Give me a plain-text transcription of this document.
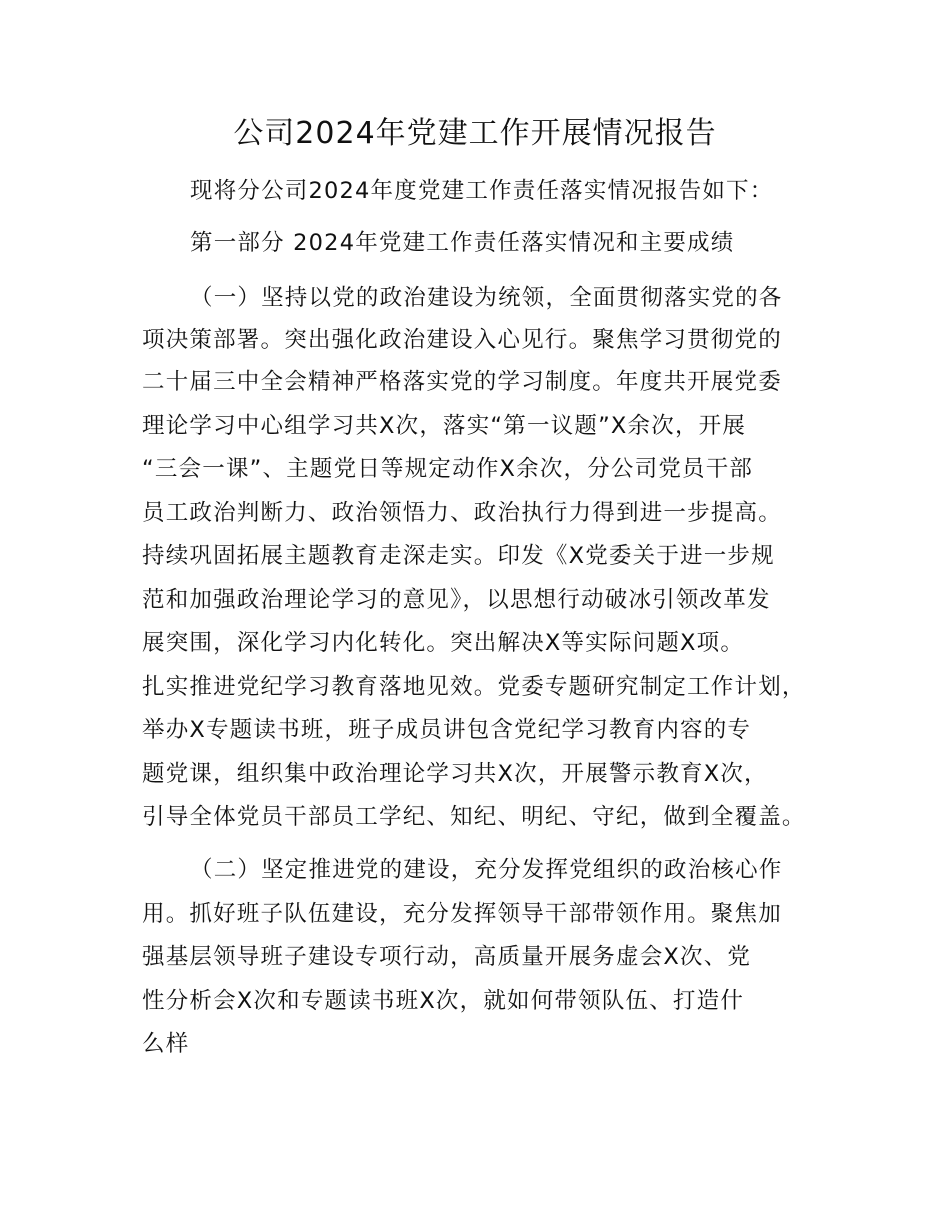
公司2024年党建工作开展情况报告

现将分公司2024年度党建工作责任落实情况报告如下：

第一部分 2024年党建工作责任落实情况和主要成绩

（一）坚持以党的政治建设为统领，全面贯彻落实党的各

项决策部署。突出强化政治建设入心见行。聚焦学习贯彻党的

二十届三中全会精神严格落实党的学习制度。年度共开展党委

理论学习中心组学习共X次，落实“第一议题”X余次，开展

“三会一课”、主题党日等规定动作X余次，分公司党员干部

员工政治判断力、政治领悟力、政治执行力得到进一步提高。

持续巩固拓展主题教育走深走实。印发《X党委关于进一步规

范和加强政治理论学习的意见》，以思想行动破冰引领改革发

展突围，深化学习内化转化。突出解决X等实际问题X项。

扎实推进党纪学习教育落地见效。党委专题研究制定工作计划，

举办X专题读书班，班子成员讲包含党纪学习教育内容的专

题党课，组织集中政治理论学习共X次，开展警示教育X次，

引导全体党员干部员工学纪、知纪、明纪、守纪，做到全覆盖。

（二）坚定推进党的建设，充分发挥党组织的政治核心作

用。抓好班子队伍建设，充分发挥领导干部带领作用。聚焦加

强基层领导班子建设专项行动，高质量开展务虚会X次、党

性分析会X次和专题读书班X次，就如何带领队伍、打造什

么样
